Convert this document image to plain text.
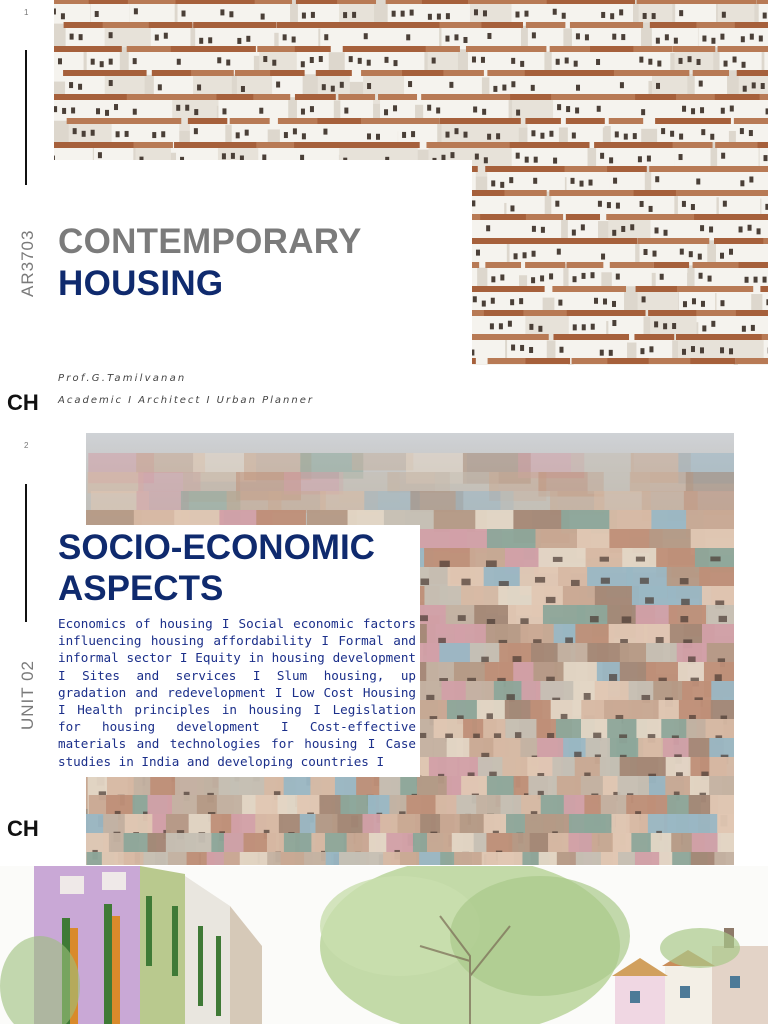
1
AR3703 CONTEMPORARY
HOUSING
Prof.G.Tamilvanan
Academic I Architect I Urban Planner
CH
2
UNIT 02
SOCIO-ECONOMIC
ASPECTS
Economics of housing I Social economic factors influencing housing affordability I Formal and informal sector I Equity in housing development I Sites and services I Slum housing, up gradation and redevelopment I Low Cost Housing I Health principles in housing I Legislation for housing development I Cost-effective materials and technologies for housing I Case studies in India and developing countries I
CH
